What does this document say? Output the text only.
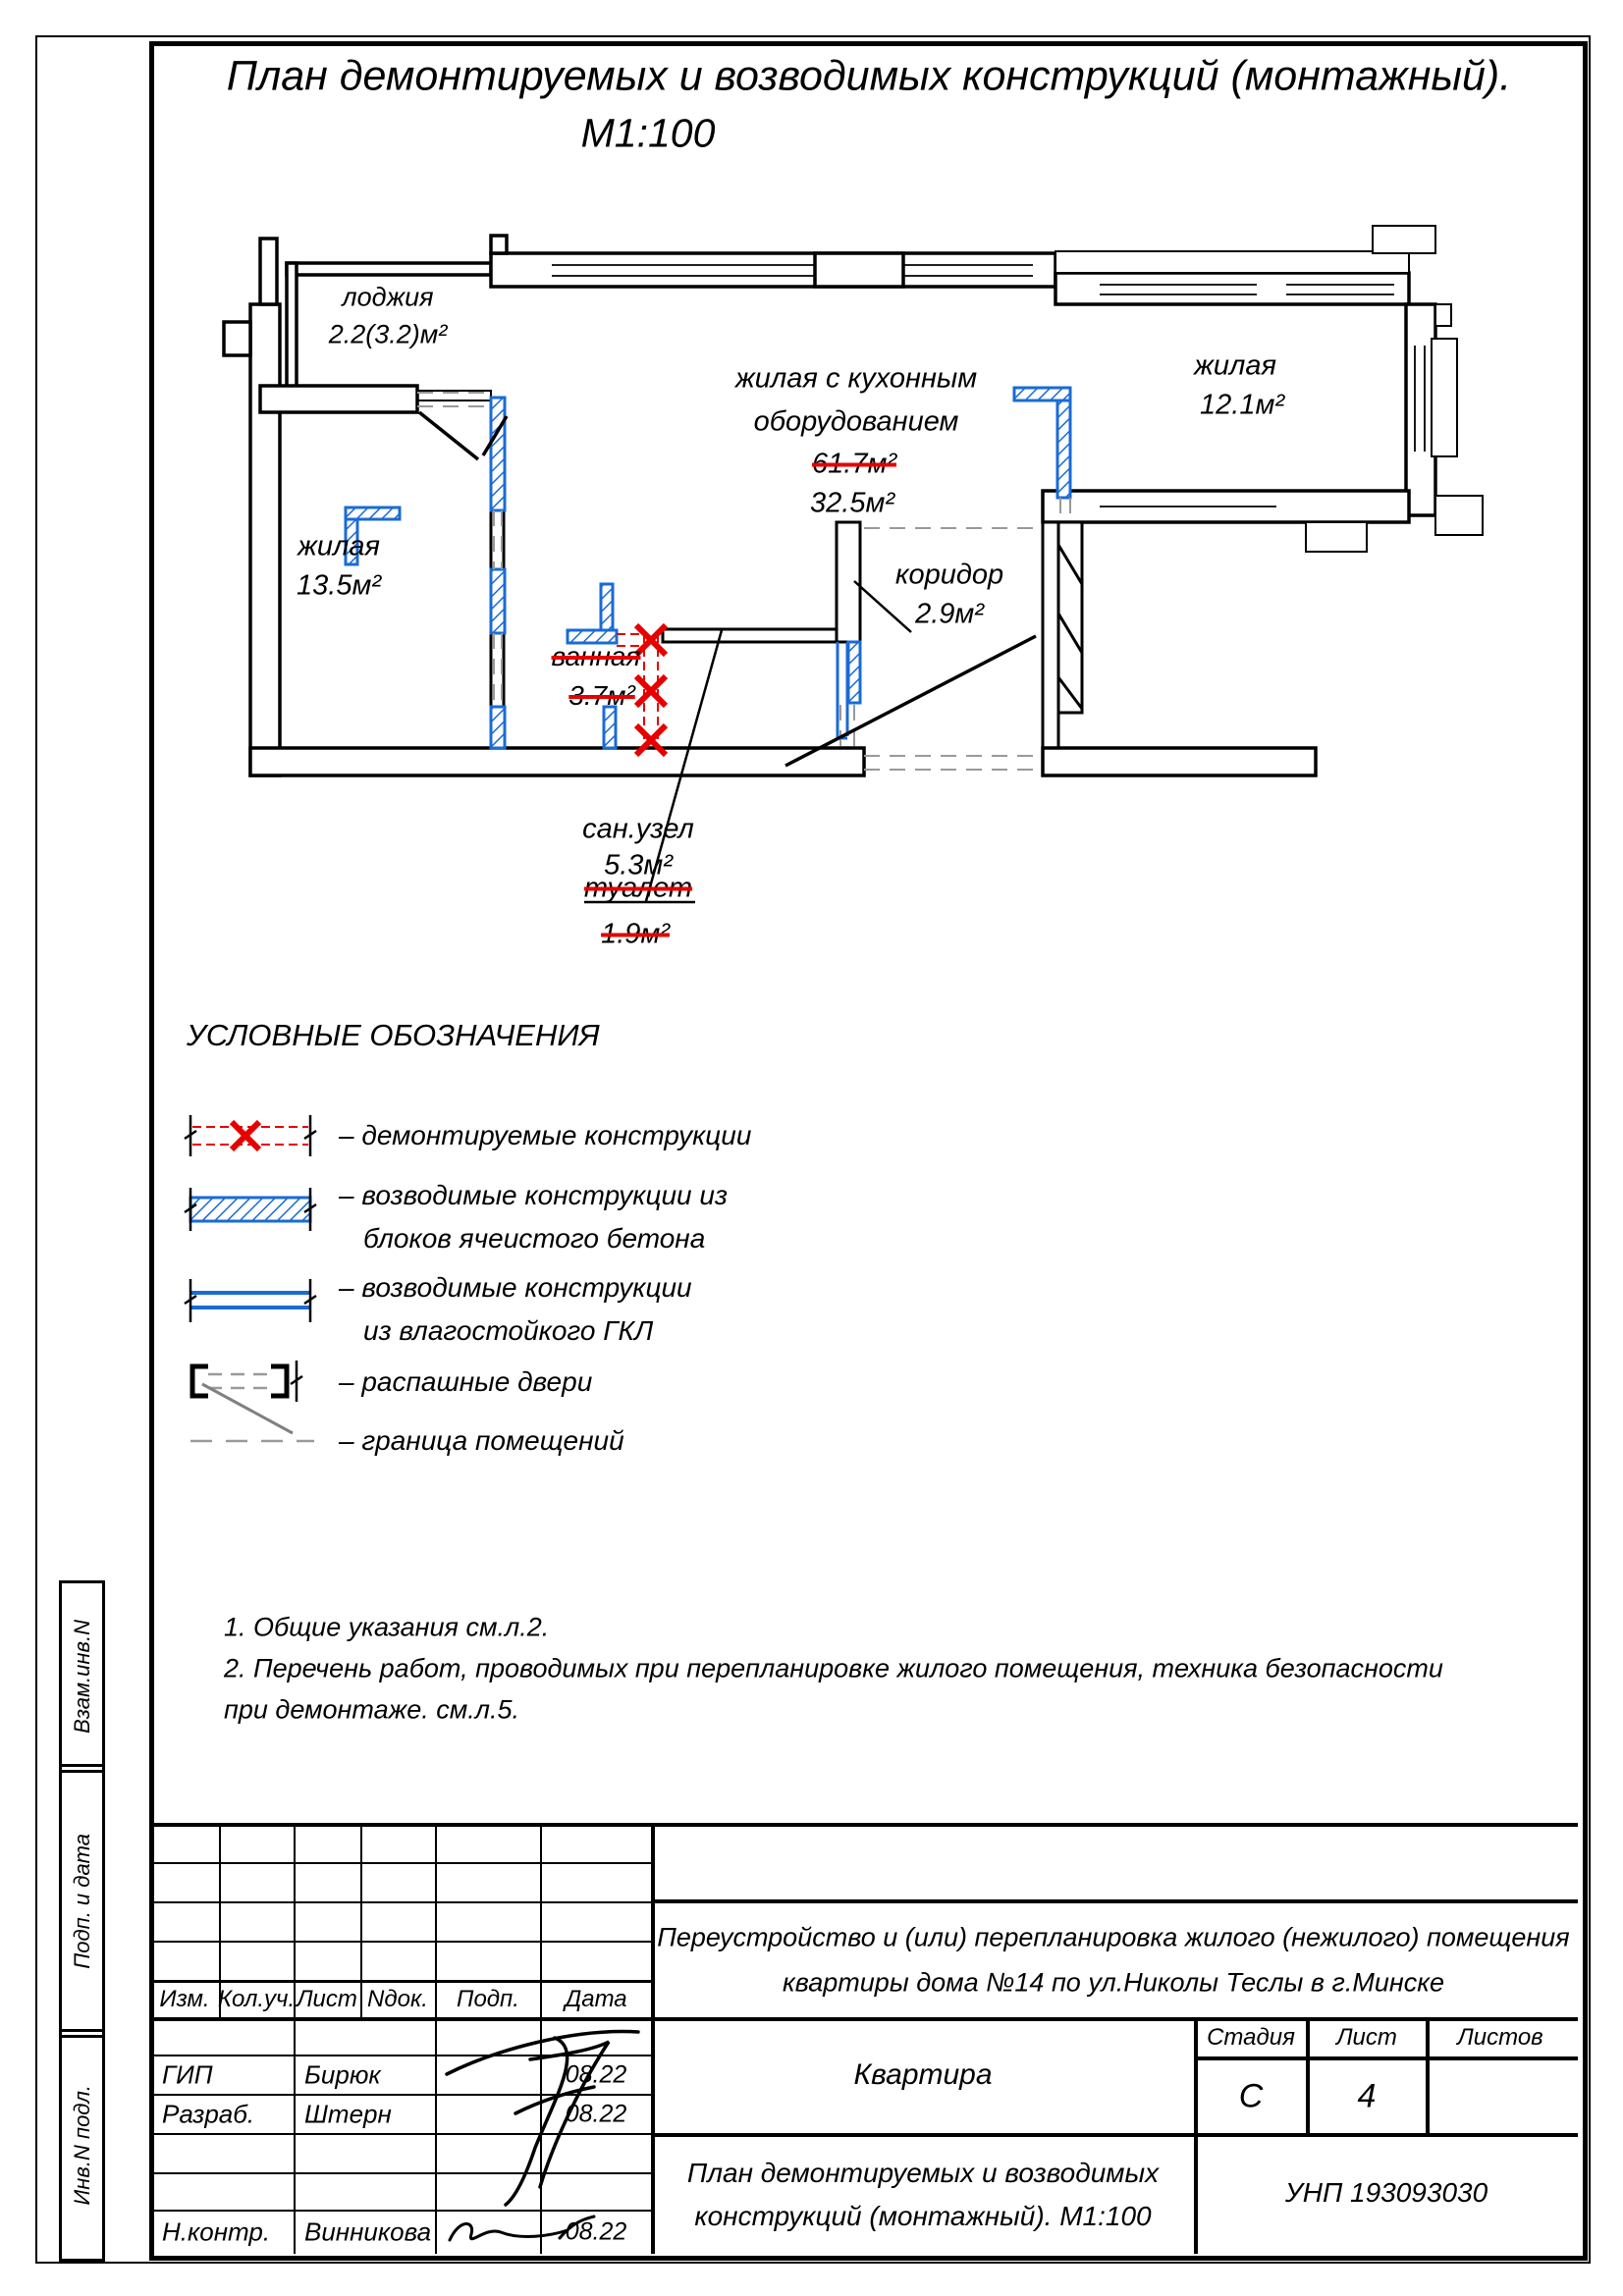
План демонтируемых и возводимых конструкций (монтажный).
М1:100
лоджия
2.2(3.2)м²
жилая
13.5м²
жилая с кухонным
оборудованием
61.7м²
32.5м²
жилая
12.1м²
ванная
3.7м²
коридор
2.9м²
сан.узел
5.3м²
туалет
1.9м²
УСЛОВНЫЕ ОБОЗНАЧЕНИЯ
– демонтируемые конструкции
– возводимые конструкции из
блоков ячеистого бетона
– возводимые конструкции
из влагостойкого ГКЛ
– распашные двери
– граница помещений
1. Общие указания см.л.2.
2. Перечень работ, проводимых при перепланировке жилого помещения, техника безопасности
при демонтаже. см.л.5.
Взам.инв.N
Подп. и дата
Инв.N подл.
Изм. Кол.уч. Лист Nдок. Подп. Дата
ГИП	Бирюк	08.22
Разраб. Штерн	08.22
Н.контр. Винникова	08.22
Переустройство и (или) перепланировка жилого (нежилого) помещения
квартиры дома №14 по ул.Николы Теслы в г.Минске
Квартира
Стадия Лист	Листов
С	4
План демонтируемых и возводимых
конструкций (монтажный). М1:100
УНП 193093030
